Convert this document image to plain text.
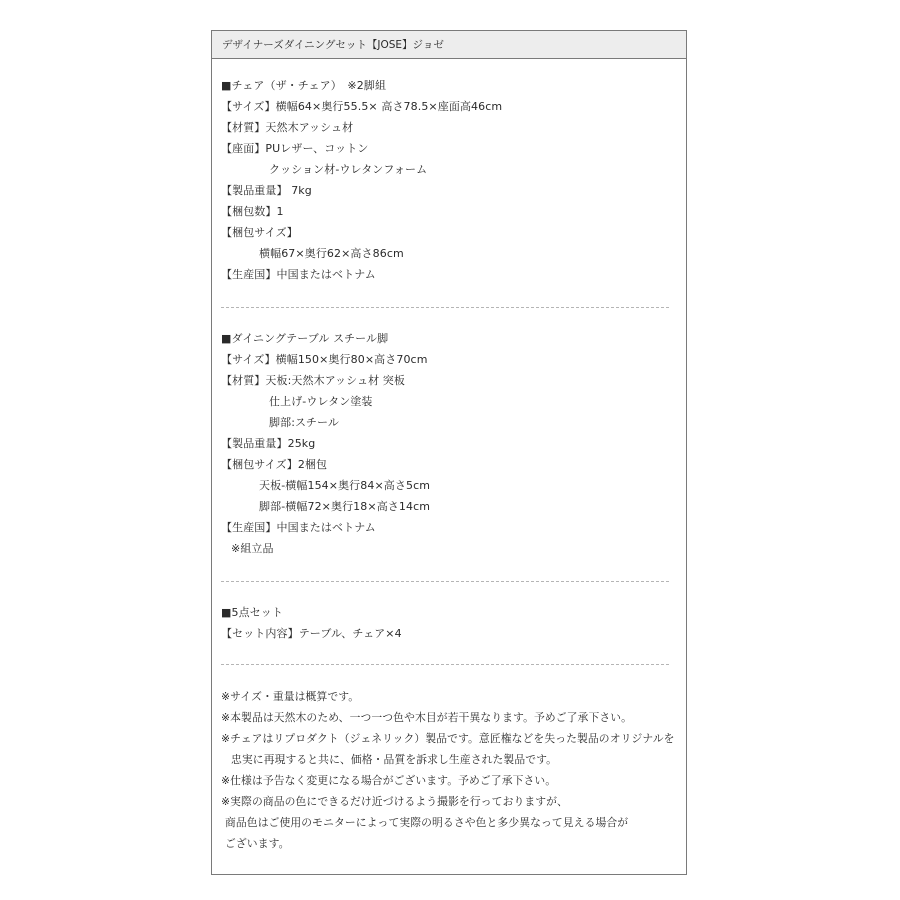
デザイナーズダイニングセット【JOSE】ジョゼ
■チェア（ザ・チェア）　※2脚組
【サイズ】横幅64×奥行55.5× 高さ78.5×座面高46cm
【材質】天然木アッシュ材
【座面】PUレザー、コットン
クッション材-ウレタンフォーム
【製品重量】 7kg
【梱包数】1
【梱包サイズ】
横幅67×奥行62×高さ86cm
【生産国】中国またはベトナム
■ダイニングテーブル スチール脚
【サイズ】横幅150×奥行80×高さ70cm
【材質】天板:天然木アッシュ材 突板
仕上げ-ウレタン塗装
脚部:スチール
【製品重量】25kg
【梱包サイズ】2梱包
天板-横幅154×奥行84×高さ5cm
脚部-横幅72×奥行18×高さ14cm
【生産国】中国またはベトナム
※組立品
■5点セット
【セット内容】テーブル、チェア×4
※サイズ・重量は概算です。
※本製品は天然木のため、一つ一つ色や木目が若干異なります。予めご了承下さい。
※チェアはリプロダクト（ジェネリック）製品です。意匠権などを失った製品のオリジナルを
忠実に再現すると共に、価格・品質を訴求し生産された製品です。
※仕様は予告なく変更になる場合がございます。予めご了承下さい。
※実際の商品の色にできるだけ近づけるよう撮影を行っておりますが、
商品色はご使用のモニターによって実際の明るさや色と多少異なって見える場合が
ございます。
